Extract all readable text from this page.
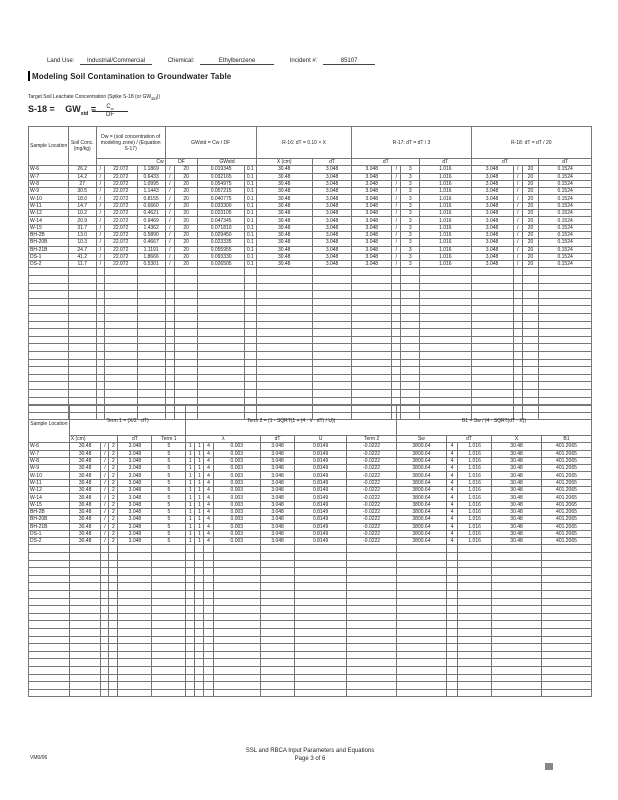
Land Use: Industrial/Commercial	Chemical:	Ethylbenzene	Incident #:	85107
Modeling Soil Contamination to Groundwater Table
Target Soil Leachate Concentration (Spike S-18 (or $GW_{std}$))
$S-18 = GW_{std}$ =	$C_w$
DF
Sample Location	Soil Conc.
(mg/kg)	Dw = (soil concentration of modeling zone) / (Equation S-17)			GWstd = Cw / DF				R-16: dT = 0.10 × X		R-17: dT = dT / 3				R-18: dT = dT / 20			
		Cw			DF		GWstd		X (cm)	dT	dT			dT	dT			dT
W-6	26.2	/	22.072	1.1869	/	20	0.019345	0.1	30.48	3.048	3.048	/	3	1.016	3.048	/	20	0.1524
W-7	14.2	/	22.072	0.6433	/	20	0.032165	0.1	30.48	3.048	3.048	/	3	1.016	3.048	/	20	0.1524
W-8	27	/	22.072	1.0995	/	20	0.054975	0.1	30.48	3.048	3.048	/	3	1.016	3.048	/	20	0.1524
W-9	30.5	/	22.072	1.1443	/	20	0.057215	0.1	30.48	3.048	3.048	/	3	1.016	3.048	/	20	0.1524
W-10	18.0	/	22.072	0.8155	/	20	0.040775	0.1	30.48	3.048	3.048	/	3	1.016	3.048	/	20	0.1524
W-11	14.7	/	22.072	0.6660	/	20	0.033300	0.1	30.48	3.048	3.048	/	3	1.016	3.048	/	20	0.1524
W-12	10.2	/	22.072	0.4621	/	20	0.023105	0.1	30.48	3.048	3.048	/	3	1.016	3.048	/	20	0.1524
W-14	20.9	/	22.072	0.9469	/	20	0.047345	0.1	30.48	3.048	3.048	/	3	1.016	3.048	/	20	0.1524
W-15	31.7	/	22.072	1.4362	/	20	0.071810	0.1	30.48	3.048	3.048	/	3	1.016	3.048	/	20	0.1524
BH-2B	13.0	/	22.072	0.5890	/	20	0.029450	0.1	30.48	3.048	3.048	/	3	1.016	3.048	/	20	0.1524
BH-20B	10.3	/	22.072	0.4667	/	20	0.023335	0.1	30.48	3.048	3.048	/	3	1.016	3.048	/	20	0.1524
BH-21B	24.7	/	22.072	1.1191	/	20	0.055955	0.1	30.48	3.048	3.048	/	3	1.016	3.048	/	20	0.1524
DS-1	41.2	/	22.072	1.8666	/	20	0.093330	0.1	30.48	3.048	3.048	/	3	1.016	3.048	/	20	0.1524
DS-2	11.7	/	22.072	0.5301	/	20	0.026505	0.1	30.48	3.048	3.048	/	3	1.016	3.048	/	20	0.1524

Sample Location	Term 1 = (X/2 · dT)					Term 2 = (1 - SQRT(1 + (4 · λ · dT) / U))							B1 = Sw / (4 · SQRT(dT · X))				
	X (cm)			dT	Term 1	λ				dT	U	Term 2	Sw	dT		X	B1
W-6	30.48	/	2	3.048	5	1	1	4	0.003	3.048	0.8149	-0.0222	3800.64	4	1.016	30.48	401.2065
W-7	30.48	/	2	3.048	5	1	1	4	0.003	3.048	0.8149	-0.0222	3800.64	4	1.016	30.48	401.2065
W-8	30.48	/	2	3.048	5	1	1	4	0.003	3.048	0.8149	-0.0222	3800.64	4	1.016	30.48	401.2065
W-9	30.48	/	2	3.048	5	1	1	4	0.003	3.048	0.8149	-0.0222	3800.64	4	1.016	30.48	401.2065
W-10	30.48	/	2	3.048	5	1	1	4	0.003	3.048	0.8149	-0.0222	3800.64	4	1.016	30.48	401.2065
W-11	30.48	/	2	3.048	5	1	1	4	0.003	3.048	0.8149	-0.0222	3800.64	4	1.016	30.48	401.2065
W-12	30.48	/	2	3.048	5	1	1	4	0.003	3.048	0.8149	-0.0222	3800.64	4	1.016	30.48	401.2065
W-14	30.48	/	2	3.048	5	1	1	4	0.003	3.048	0.8149	-0.0222	3800.64	4	1.016	30.48	401.2065
W-15	30.48	/	2	3.048	5	1	1	4	0.003	3.048	0.8149	-0.0222	3800.64	4	1.016	30.48	401.2065
BH-2B	30.48	/	2	3.048	5	1	1	4	0.003	3.048	0.8149	-0.0222	3800.64	4	1.016	30.48	401.2065
BH-20B	30.48	/	2	3.048	5	1	1	4	0.003	3.048	0.8149	-0.0222	3800.64	4	1.016	30.48	401.2065
BH-21B	30.48	/	2	3.048	5	1	1	4	0.003	3.048	0.8149	-0.0222	3800.64	4	1.016	30.48	401.2065
DS-1	30.48	/	2	3.048	5	1	1	4	0.003	3.048	0.8149	-0.0222	3800.64	4	1.016	30.48	401.2065
DS-2	30.48	/	2	3.048	5	1	1	4	0.003	3.048	0.8149	-0.0222	3800.64	4	1.016	30.48	401.2065

VM0/06
SSL and RBCA Input Parameters and Equations
Page 3 of 6
